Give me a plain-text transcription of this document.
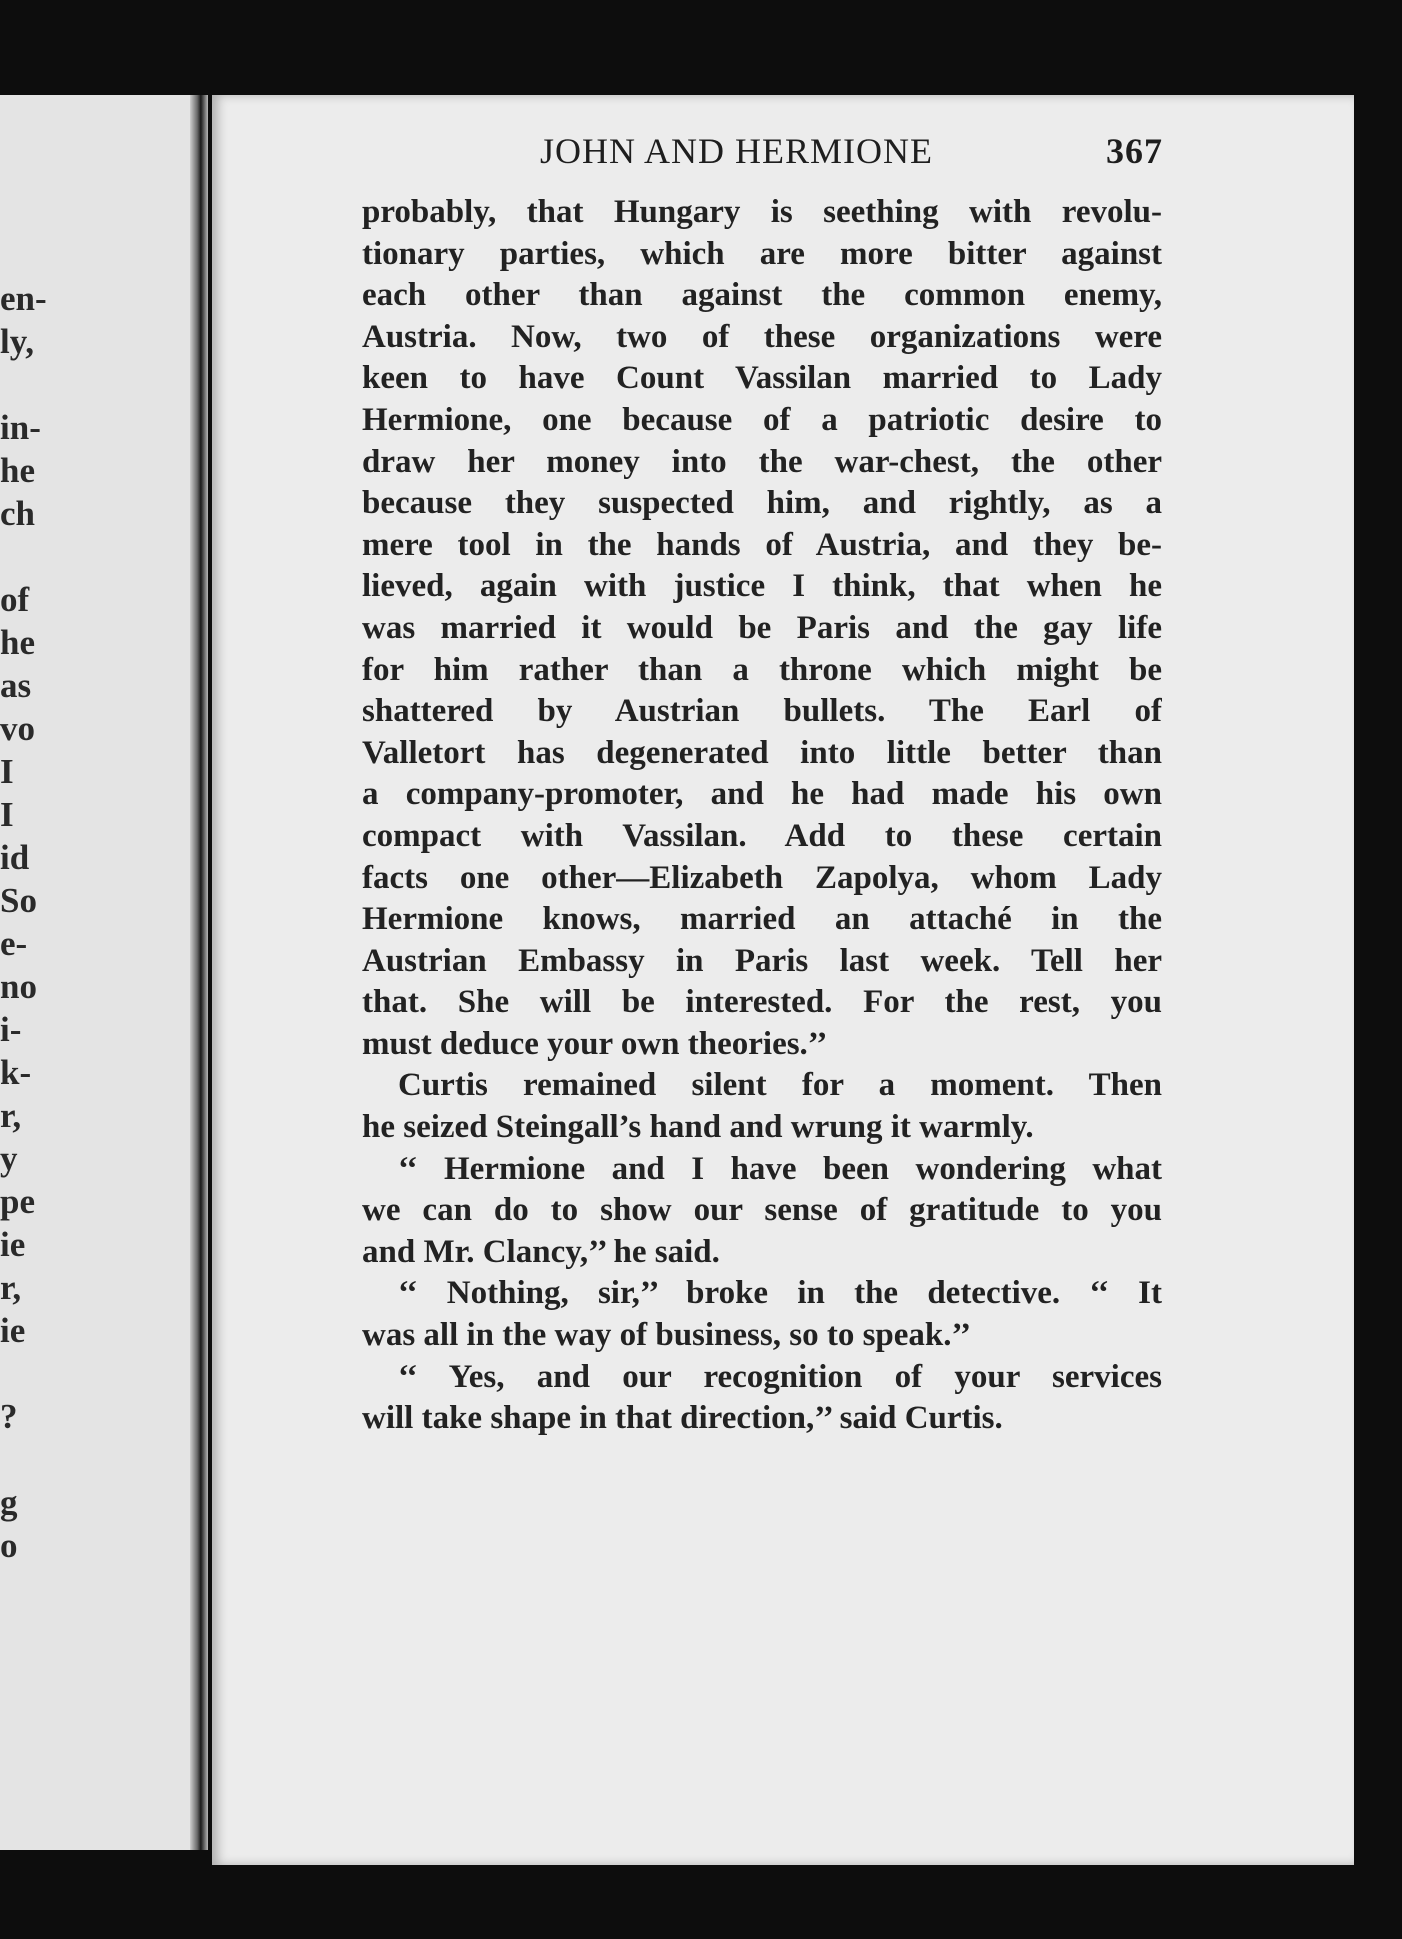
en-
ly,

in-
he
ch

of
he
as
vo
I
I
id
So
e-
no
i-
k-
r,
y
pe
ie
r,
ie

?

g
o
JOHN AND HERMIONE	367

probably, that Hungary is seething with revolu-
tionary parties, which are more bitter against
each other than against the common enemy,
Austria. Now, two of these organizations were
keen to have Count Vassilan married to Lady
Hermione, one because of a patriotic desire to
draw her money into the war-chest, the other
because they suspected him, and rightly, as a
mere tool in the hands of Austria, and they be-
lieved, again with justice I think, that when he
was married it would be Paris and the gay life
for him rather than a throne which might be
shattered by Austrian bullets. The Earl of
Valletort has degenerated into little better than
a company-promoter, and he had made his own
compact with Vassilan. Add to these certain
facts one other—Elizabeth Zapolya, whom Lady
Hermione knows, married an attaché in the
Austrian Embassy in Paris last week. Tell her
that. She will be interested. For the rest, you
must deduce your own theories.’’

Curtis remained silent for a moment. Then
he seized Steingall’s hand and wrung it warmly.

‘‘ Hermione and I have been wondering what
we can do to show our sense of gratitude to you
and Mr. Clancy,’’ he said.

‘‘ Nothing, sir,’’ broke in the detective. ‘‘ It
was all in the way of business, so to speak.’’

‘‘ Yes, and our recognition of your services
will take shape in that direction,’’ said Curtis.
